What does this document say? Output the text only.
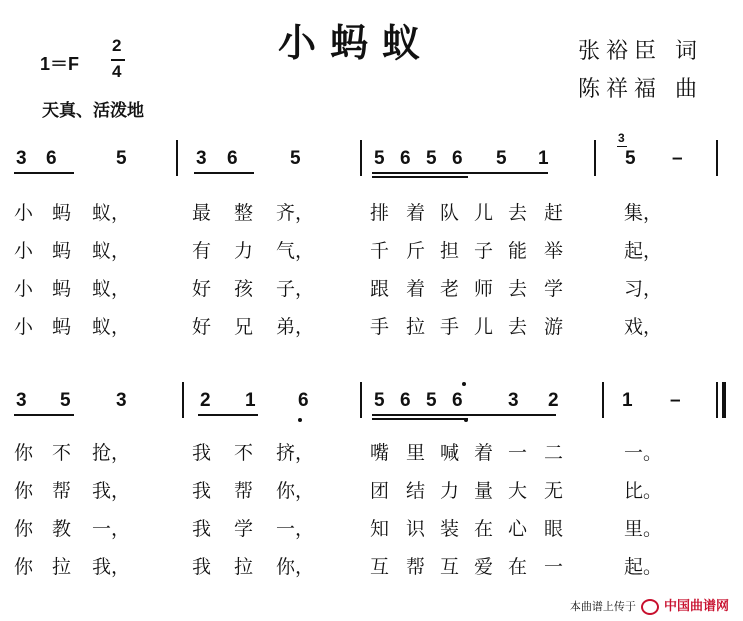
小蚂蚁	张裕臣 词
陈祥福 曲
1＝F
2
4
天真、活泼地
3 6	5	3 6	5	5 6 5 6 5 1	5 –
小 蚂 蚁，	最 整 齐，	排 着 队 儿 去 赶	集，
小 蚂 蚁，	有 力 气，	千 斤 担 子 能 举	起，
小 蚂 蚁，	好 孩 子，	跟 着 老 师 去 学	习，
小 蚂 蚁，	好 兄 弟，	手 拉 手 儿 去 游	戏，
3
3 5 3	2 1 6	5 6 5 6 3 2	1 –
你 不 抢，	我 不 挤，	嘴 里 喊 着 一 二	一。
你 帮 我，	我 帮 你，	团 结 力 量 大 无	比。
你 教 一，	我 学 一，	知 识 装 在 心 眼	里。
你 拉 我，	我 拉 你，	互 帮 互 爱 在 一	起。
本曲谱上传于 中国曲谱网
